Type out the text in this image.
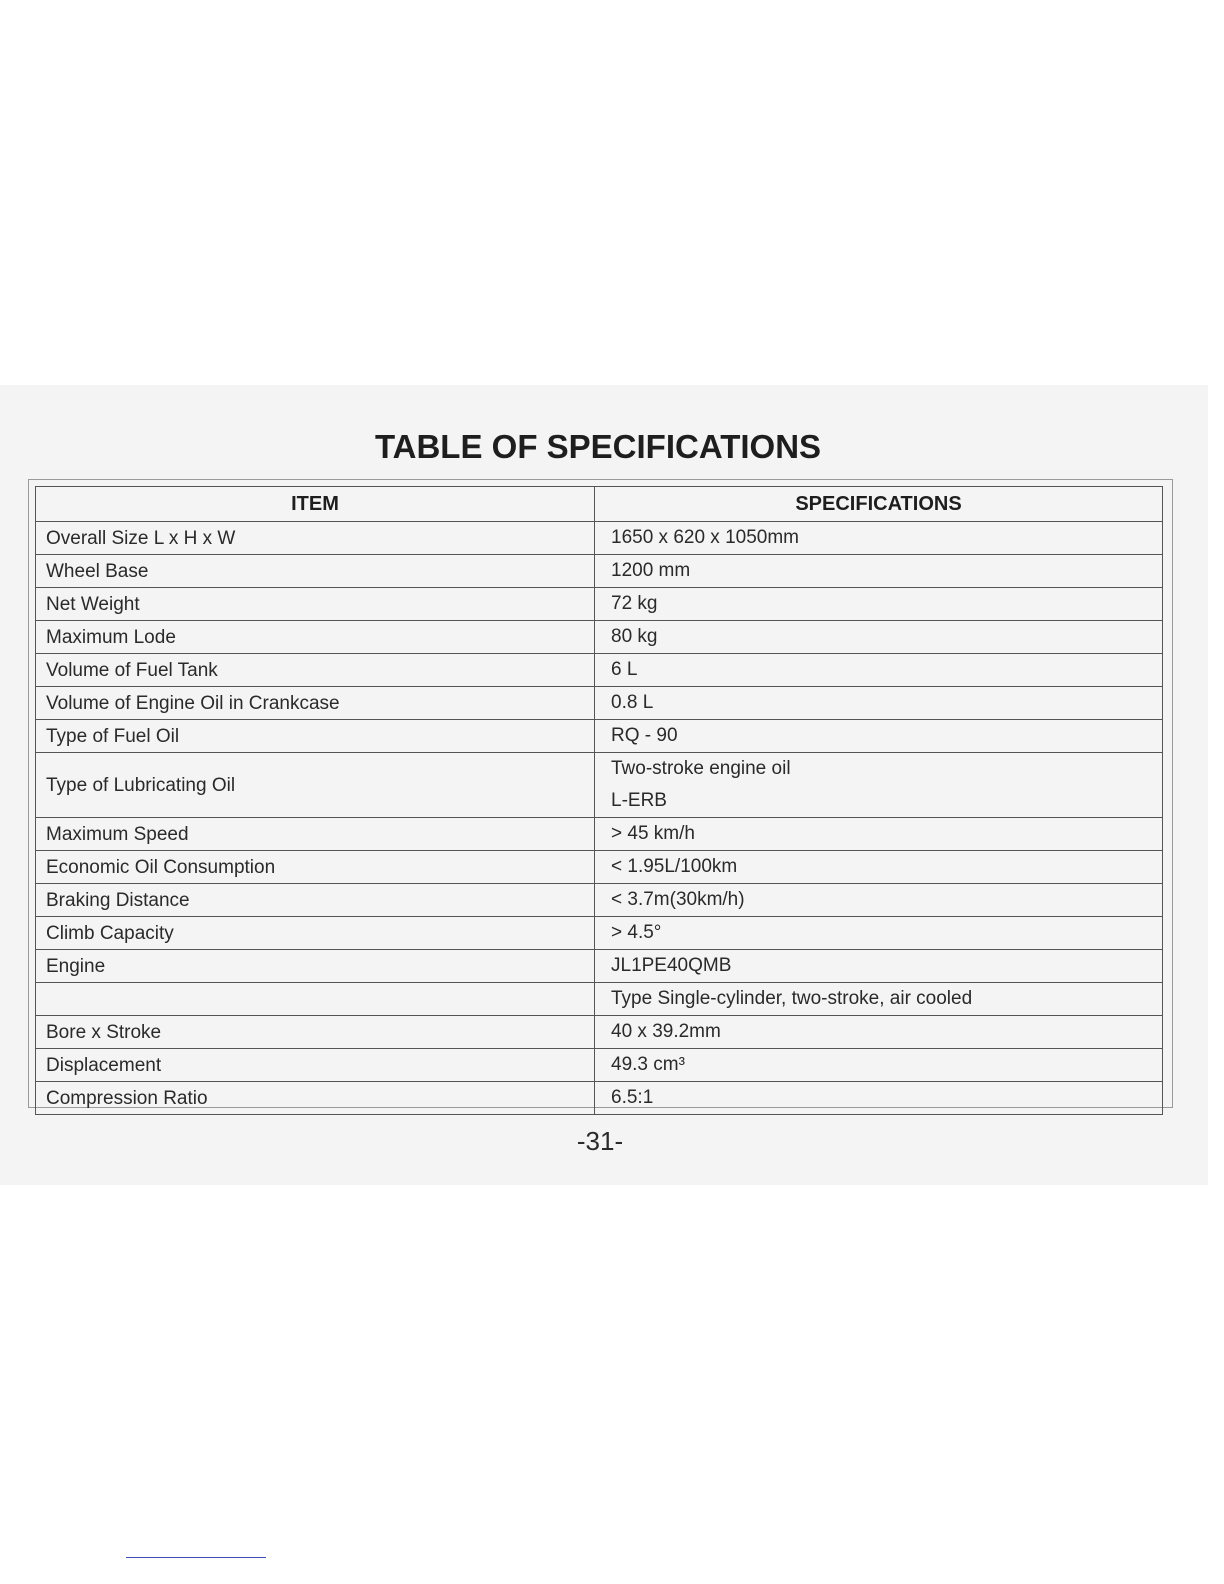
TABLE OF SPECIFICATIONS
ITEM	SPECIFICATIONS
Overall Size L x H x W	1650 x 620 x 1050mm

Wheel Base	1200 mm

Net Weight	72 kg

Maximum Lode	80 kg

Volume of Fuel Tank	6 L

Volume of Engine Oil in Crankcase	0.8 L

Type of Fuel Oil	RQ - 90

Type of Lubricating Oil	Two-stroke engine oil
L-ERB

Maximum Speed	> 45 km/h

Economic Oil Consumption	< 1.95L/100km

Braking Distance	< 3.7m(30km/h)

Climb Capacity	> 4.5°

Engine	JL1PE40QMB

	Type Single-cylinder, two-stroke, air cooled

Bore x Stroke	40 x 39.2mm

Displacement	49.3 cm³

Compression Ratio	6.5:1
-31-
